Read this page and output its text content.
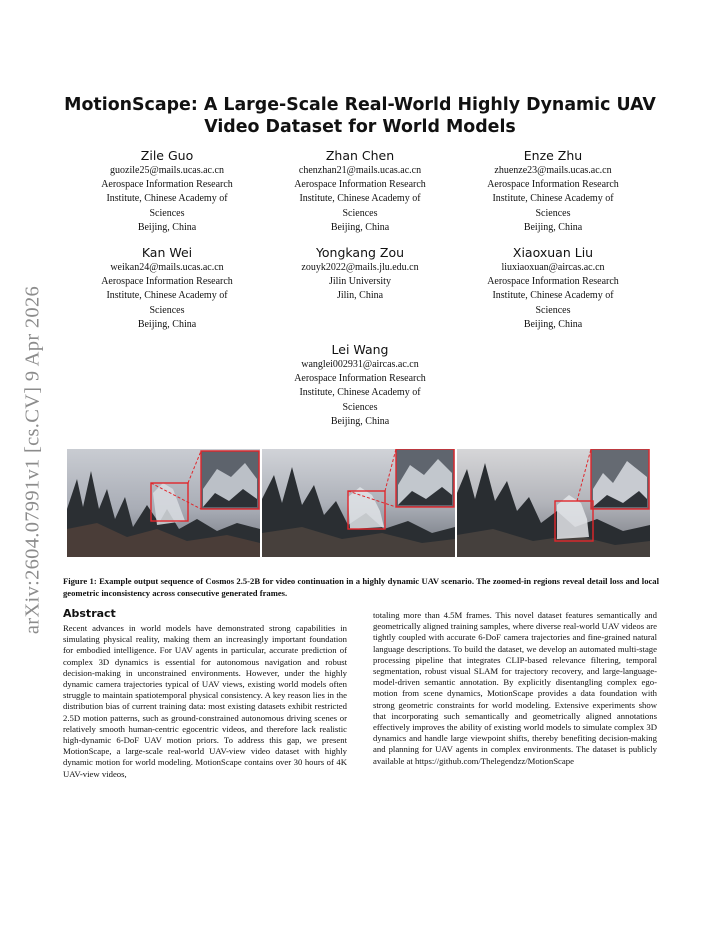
arXiv:2604.07991v1 [cs.CV] 9 Apr 2026
MotionScape: A Large-Scale Real-World Highly Dynamic UAV Video Dataset for World Models
Zile Guo
guozile25@mails.ucas.ac.cn
Aerospace Information Research
Institute, Chinese Academy of
Sciences
Beijing, China
Zhan Chen
chenzhan21@mails.ucas.ac.cn
Aerospace Information Research
Institute, Chinese Academy of
Sciences
Beijing, China
Enze Zhu
zhuenze23@mails.ucas.ac.cn
Aerospace Information Research
Institute, Chinese Academy of
Sciences
Beijing, China
Kan Wei
weikan24@mails.ucas.ac.cn
Aerospace Information Research
Institute, Chinese Academy of
Sciences
Beijing, China
Yongkang Zou
zouyk2022@mails.jlu.edu.cn
Jilin University
Jilin, China
Xiaoxuan Liu
liuxiaoxuan@aircas.ac.cn
Aerospace Information Research
Institute, Chinese Academy of
Sciences
Beijing, China
Lei Wang
wanglei002931@aircas.ac.cn
Aerospace Information Research
Institute, Chinese Academy of
Sciences
Beijing, China

Figure 1: Example output sequence of Cosmos 2.5-2B for video continuation in a highly dynamic UAV scenario. The zoomed-in regions reveal detail loss and local geometric inconsistency across consecutive generated frames.

Abstract

Recent advances in world models have demonstrated strong capabilities in simulating physical reality, making them an increasingly important foundation for embodied intelligence. For UAV agents in particular, accurate prediction of complex 3D dynamics is essential for autonomous navigation and robust decision-making in unconstrained environments. However, under the highly dynamic camera trajectories typical of UAV views, existing world models often struggle to maintain spatiotemporal physical consistency. A key reason lies in the distribution bias of current training data: most existing datasets exhibit restricted 2.5D motion patterns, such as ground-constrained autonomous driving scenes or relatively smooth human-centric egocentric videos, and therefore lack realistic high-dynamic 6-DoF UAV motion priors. To address this gap, we present MotionScape, a large-scale real-world UAV-view video dataset with highly dynamic motion for world modeling. MotionScape contains over 30 hours of 4K UAV-view videos,

totaling more than 4.5M frames. This novel dataset features semantically and geometrically aligned training samples, where diverse real-world UAV videos are tightly coupled with accurate 6-DoF camera trajectories and fine-grained natural language descriptions. To build the dataset, we develop an automated multi-stage processing pipeline that integrates CLIP-based relevance filtering, temporal segmentation, robust visual SLAM for trajectory recovery, and large-language-model-driven semantic annotation. By explicitly disentangling complex ego-motion from scene dynamics, MotionScape provides a data foundation with strong geometric constraints for world modeling. Extensive experiments show that incorporating such semantically and geometrically aligned annotations effectively improves the ability of existing world models to simulate complex 3D dynamics and handle large viewpoint shifts, thereby benefiting decision-making and planning for UAV agents in complex environments. The dataset is publicly available at https://github.com/Thelegendzz/MotionScape
